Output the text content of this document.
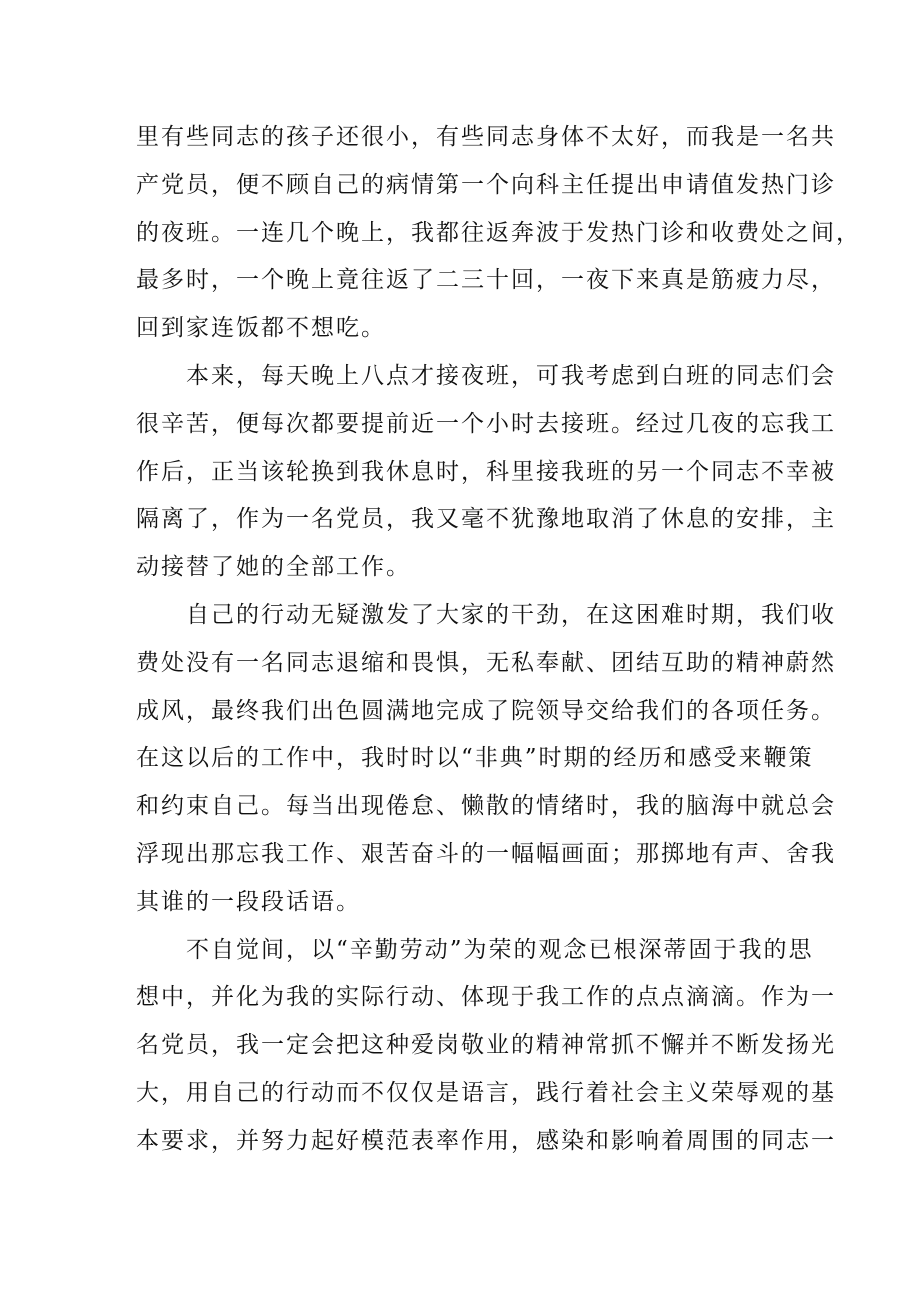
里有些同志的孩子还很小，有些同志身体不太好，而我是一名共
产党员，便不顾自己的病情第一个向科主任提出申请值发热门诊
的夜班。一连几个晚上，我都往返奔波于发热门诊和收费处之间，
最多时，一个晚上竟往返了二三十回，一夜下来真是筋疲力尽，
回到家连饭都不想吃。
　　本来，每天晚上八点才接夜班，可我考虑到白班的同志们会
很辛苦，便每次都要提前近一个小时去接班。经过几夜的忘我工
作后，正当该轮换到我休息时，科里接我班的另一个同志不幸被
隔离了，作为一名党员，我又毫不犹豫地取消了休息的安排，主
动接替了她的全部工作。
　　自己的行动无疑激发了大家的干劲，在这困难时期，我们收
费处没有一名同志退缩和畏惧，无私奉献、团结互助的精神蔚然
成风，最终我们出色圆满地完成了院领导交给我们的各项任务。
在这以后的工作中，我时时以“非典”时期的经历和感受来鞭策
和约束自己。每当出现倦怠、懒散的情绪时，我的脑海中就总会
浮现出那忘我工作、艰苦奋斗的一幅幅画面；那掷地有声、舍我
其谁的一段段话语。
　　不自觉间，以“辛勤劳动”为荣的观念已根深蒂固于我的思
想中，并化为我的实际行动、体现于我工作的点点滴滴。作为一
名党员，我一定会把这种爱岗敬业的精神常抓不懈并不断发扬光
大，用自己的行动而不仅仅是语言，践行着社会主义荣辱观的基
本要求，并努力起好模范表率作用，感染和影响着周围的同志一
